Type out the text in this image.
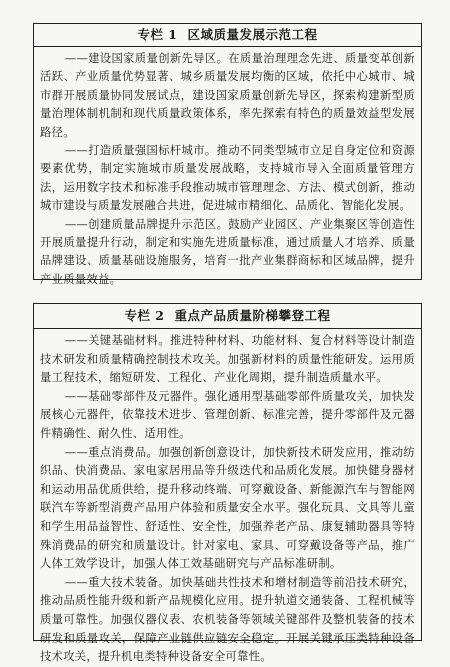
专栏 1 区域质量发展示范工程

——建设国家质量创新先导区。在质量治理理念先进、质量变革创新活跃、产业质量优势显著、城乡质量发展均衡的区域，依托中心城市、城市群开展质量协同发展试点，建设国家质量创新先导区，探索构建新型质量治理体制机制和现代质量政策体系，率先探索有特色的质量效益型发展路径。

——打造质量强国标杆城市。推动不同类型城市立足自身定位和资源要素优势，制定实施城市质量发展战略，支持城市导入全面质量管理方法，运用数字技术和标准手段推动城市管理理念、方法、模式创新，推动城市建设与质量发展融合共进，促进城市精细化、品质化、智能化发展。

——创建质量品牌提升示范区。鼓励产业园区、产业集聚区等创造性开展质量提升行动，制定和实施先进质量标准，通过质量人才培养、质量品牌建设、质量基础设施服务，培育一批产业集群商标和区域品牌，提升产业质量效益。

专栏 2 重点产品质量阶梯攀登工程

——关键基础材料。推进特种材料、功能材料、复合材料等设计制造技术研发和质量精确控制技术攻关。加强新材料的质量性能研发。运用质量工程技术，缩短研发、工程化、产业化周期，提升制造质量水平。

——基础零部件及元器件。强化通用型基础零部件质量攻关，加快发展核心元器件，依靠技术进步、管理创新、标准完善，提升零部件及元器件精确性、耐久性、适用性。

——重点消费品。加强创新创意设计，加快新技术研发应用，推动纺织品、快消费品、家电家居用品等升级迭代和品质化发展。加快健身器材和运动用品优质供给，提升移动终端、可穿戴设备、新能源汽车与智能网联汽车等新型消费产品用户体验和质量安全水平。强化玩具、文具等儿童和学生用品益智性、舒适性、安全性，加强养老产品、康复辅助器具等特殊消费品的研究和质量设计。针对家电、家具、可穿戴设备等产品，推广人体工效学设计，加强人体工效基础研究与产品标准研制。

——重大技术装备。加快基础共性技术和增材制造等前沿技术研究，推动品质性能升级和新产品规模化应用。提升轨道交通装备、工程机械等质量可靠性。加强仪器仪表、农机装备等领域关键部件及整机装备的技术研发和质量攻关，保障产业链供应链安全稳定。开展关键承压类特种设备技术攻关，提升机电类特种设备安全可靠性。
